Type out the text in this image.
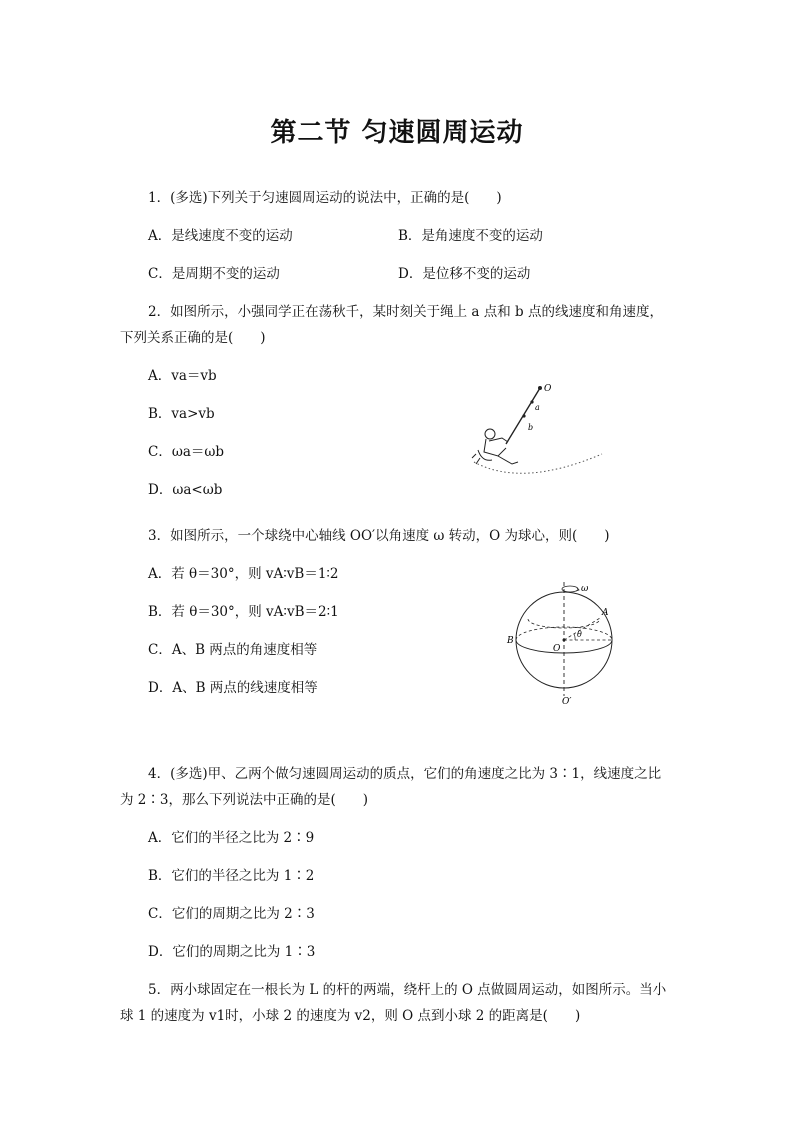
第二节 匀速圆周运动
1．(多选)下列关于匀速圆周运动的说法中，正确的是(　　)
A．是线速度不变的运动	B．是角速度不变的运动
C．是周期不变的运动	D．是位移不变的运动
2．如图所示，小强同学正在荡秋千，某时刻关于绳上 a 点和 b 点的线速度和角速度，
下列关系正确的是(　　)
A．va＝vb
B．va>vb
C．ωa＝ωb
D．ωa<ωb
O
a
b
3．如图所示，一个球绕中心轴线 OO′以角速度 ω 转动，O 为球心，则(　　)
A．若 θ＝30°，则 vA∶vB＝1∶2
B．若 θ＝30°，则 vA∶vB＝2∶1
C．A、B 两点的角速度相等
D．A、B 两点的线速度相等
ω
A
B
O
θ
O′
4．(多选)甲、乙两个做匀速圆周运动的质点，它们的角速度之比为 3∶1，线速度之比
为 2∶3，那么下列说法中正确的是(　　)
A．它们的半径之比为 2∶9
B．它们的半径之比为 1∶2
C．它们的周期之比为 2∶3
D．它们的周期之比为 1∶3
5．两小球固定在一根长为 L 的杆的两端，绕杆上的 O 点做圆周运动，如图所示。当小
球 1 的速度为 v1时，小球 2 的速度为 v2，则 O 点到小球 2 的距离是(　　)
